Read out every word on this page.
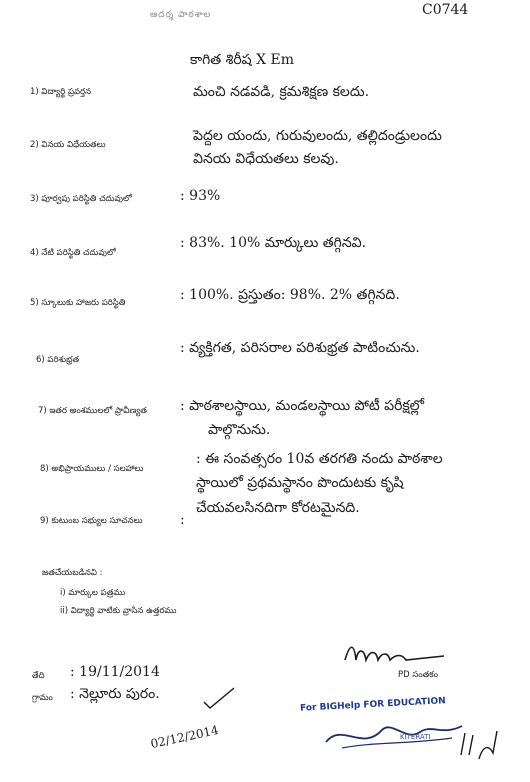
C0744
ఆదర్శ పాఠశాల
కాగిత శిరీష X Em
1) విద్యార్థి ప్రవర్తన	మంచి నడవడి, క్రమశిక్షణ కలదు.
2) వినయ విధేయతలు
పెద్దల యందు, గురువులందు, తల్లిదండ్రులందు
వినయ విధేయతలు కలవు.
3) పూర్వపు పరిస్థితి చదువులో	: 93%
4) నేటి పరిస్థితి చదువులో
: 83%. 10% మార్కులు తగ్గినవి.
5) స్కూలుకు హాజరు పరిస్థితి	: 100%. ప్రస్తుతం: 98%. 2% తగ్గినది.
6) పరిశుభ్రత
: వ్యక్తిగత, పరిసరాల పరిశుభ్రత పాటించును.
7) ఇతర అంశములలో ప్రావీణ్యత : పాఠశాలస్థాయి, మండలస్థాయి పోటీ పరీక్షల్లో
పాల్గొనును.
8) అభిప్రాయములు / సలహాలు
: ఈ సంవత్సరం 10వ తరగతి నందు పాఠశాల
స్థాయిలో ప్రథమస్థానం పొందుటకు కృషి
చేయవలసినదిగా కోరటమైనది.
9) కుటుంబ సభ్యుల సూచనలు	:
జతచేయబడినవి :
i) మార్కుల పత్రము
ii) విద్యార్థి వాటికు వ్రాసిన ఉత్తరము
PD సంతకం
తేది : 19/11/2014
గ్రామం : నెల్లూరు పురం.
For BIGHelp FOR EDUCATION
KITERATI
02/12/2014
